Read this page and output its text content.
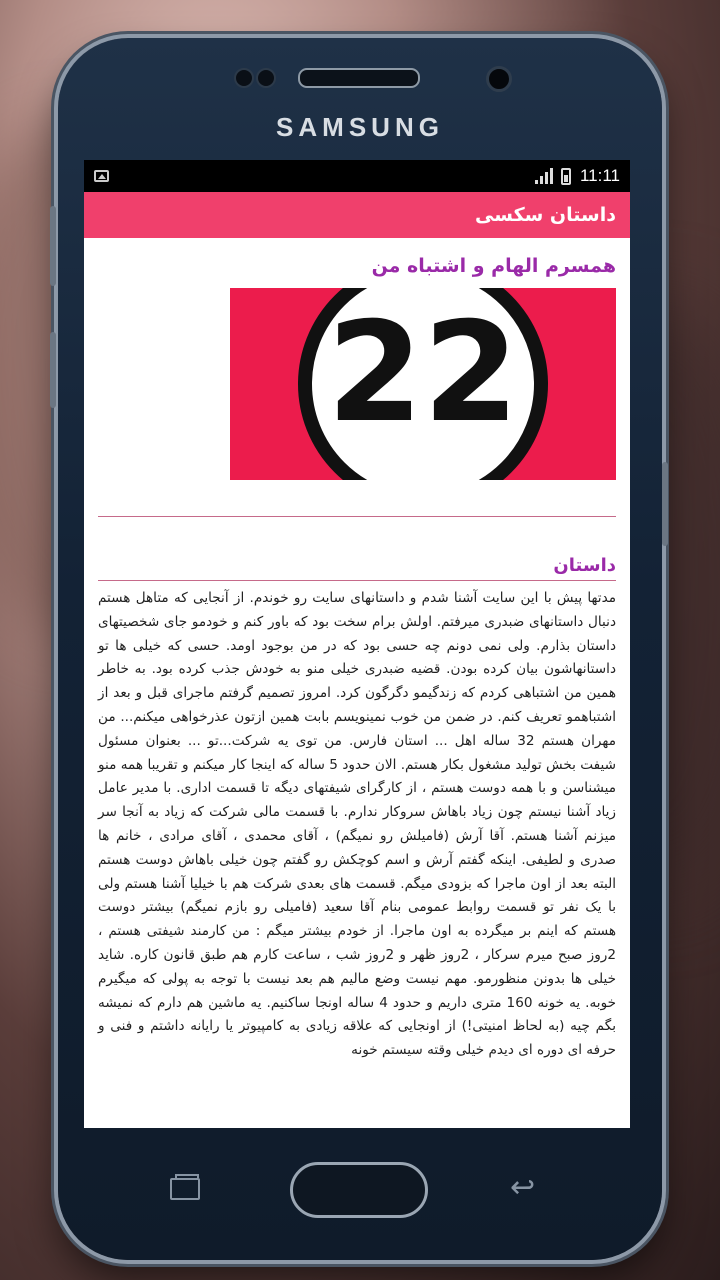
SAMSUNG
11:11
داستان سکسی
همسرم الهام و اشتباه من
22
داستان

مدتها پیش با این سایت آشنا شدم و داستانهای سایت رو خوندم. از آنجایی که متاهل هستم دنبال داستانهای ضبدری میرفتم. اولش برام سخت بود که باور کنم و خودمو جای شخصیتهای داستان بذارم. ولی نمی دونم چه حسی بود که در من بوجود اومد. حسی که خیلی ها تو داستانهاشون بیان کرده بودن. قضیه ضبدری خیلی منو به خودش جذب کرده بود. به خاطر همین من اشتباهی کردم که زندگیمو دگرگون کرد. امروز تصمیم گرفتم ماجرای قبل و بعد از اشتباهمو تعریف کنم. در ضمن من خوب نمینویسم بابت همین ازتون عذرخواهی میکنم... من مهران هستم 32 ساله اهل ... استان فارس. من توی یه شرکت...تو ... بعنوان مسئول شیفت بخش تولید مشغول بکار هستم. الان حدود 5 ساله که اینجا کار میکنم و تقریبا همه منو میشناسن و با همه دوست هستم ، از کارگرای شیفتهای دیگه تا قسمت اداری. با مدیر عامل زیاد آشنا نیستم چون زیاد باهاش سروکار ندارم. با قسمت مالی شرکت که زیاد به آنجا سر میزنم آشنا هستم. آقا آرش (فامیلش رو نمیگم) ، آقای محمدی ، آقای مرادی ، خانم ها صدری و لطیفی. اینکه گفتم آرش و اسم کوچکش رو گفتم چون خیلی باهاش دوست هستم البته بعد از اون ماجرا که بزودی میگم. قسمت های بعدی شرکت هم با خیلیا آشنا هستم ولی با یک نفر تو قسمت روابط عمومی بنام آقا سعید (فامیلی رو بازم نمیگم) بیشتر دوست هستم که اینم بر میگرده به اون ماجرا. از خودم بیشتر میگم : من کارمند شیفتی هستم ، 2روز صبح میرم سرکار ، 2روز ظهر و 2روز شب ، ساعت کارم هم طبق قانون کاره. شاید خیلی ها بدونن منظورمو. مهم نیست وضع مالیم هم بعد نیست با توجه به پولی که میگیرم خوبه. یه خونه 160 متری داریم و حدود 4 ساله اونجا ساکنیم. یه ماشین هم دارم که نمیشه بگم چیه (به لحاظ امنیتی!) از اونجایی که علاقه زیادی به کامپیوتر یا رایانه داشتم و فنی و حرفه ای دوره ای دیدم خیلی وقته سیستم خونه

↩
